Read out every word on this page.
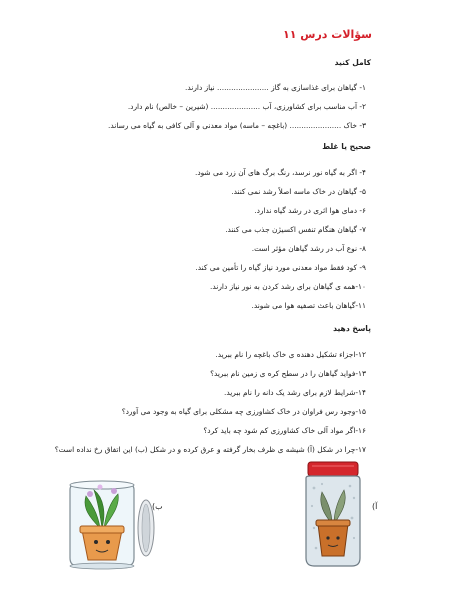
سؤالات درس ۱۱
کامل کنید
۱- گیاهان برای غذاسازی به گاز ...................... نیاز دارند.
۲- آب مناسب برای کشاورزی، آب ..................... (شیرین – خالص) نام دارد.
۳- خاک ...................... (باغچه – ماسه) مواد معدنی و آلی کافی به گیاه می رساند.
صحیح یا غلط
۴- اگر به گیاه نور نرسد، رنگ برگ های آن زرد می شود.
۵- گیاهان در خاک ماسه اصلاً رشد نمی کنند.
۶- دمای هوا اثری در رشد گیاه ندارد.
۷- گیاهان هنگام تنفس اکسیژن جذب می کنند.
۸- نوع آب در رشد گیاهان مؤثر است.
۹- کود فقط مواد معدنی مورد نیاز گیاه را تأمین می کند.
۱۰-همه ی گیاهان برای رشد کردن به نور نیاز دارند.
۱۱-گیاهان باعث تصفیه هوا می شوند.
پاسخ دهید
۱۲-اجزاء تشکیل دهنده ی خاک باغچه را نام ببرید.
۱۳-فواید گیاهان را در سطح کره ی زمین نام ببرید؟
۱۴-شرایط لازم برای رشد یک دانه را نام ببرید.
۱۵-وجود رس فراوان در خاک کشاورزی چه مشکلی برای گیاه به وجود می آورد؟
۱۶-اگر مواد آلی خاک کشاورزی کم شود چه باید کرد؟
۱۷-چرا در شکل (آ) شیشه ی ظرف بخار گرفته و عرق کرده و در شکل (ب) این اتفاق رخ نداده است؟
ب)	آ)
